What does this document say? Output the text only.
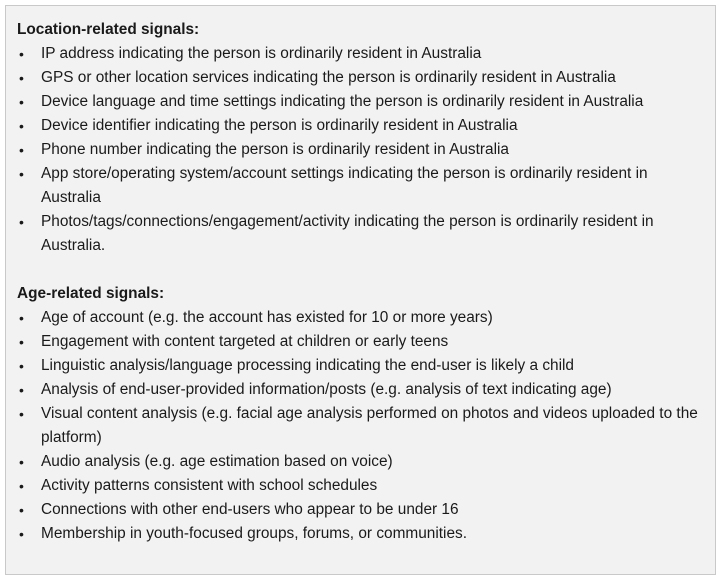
Location-related signals:

•	IP address indicating the person is ordinarily resident in Australia
•	GPS or other location services indicating the person is ordinarily resident in Australia
•	Device language and time settings indicating the person is ordinarily resident in Australia
•	Device identifier indicating the person is ordinarily resident in Australia
•	Phone number indicating the person is ordinarily resident in Australia
•	App store/operating system/account settings indicating the person is ordinarily resident in Australia
•	Photos/tags/connections/engagement/activity indicating the person is ordinarily resident in Australia.

Age-related signals:

•	Age of account (e.g. the account has existed for 10 or more years)
•	Engagement with content targeted at children or early teens
•	Linguistic analysis/language processing indicating the end-user is likely a child
•	Analysis of end-user-provided information/posts (e.g. analysis of text indicating age)
•	Visual content analysis (e.g. facial age analysis performed on photos and videos uploaded to the platform)
•	Audio analysis (e.g. age estimation based on voice)
•	Activity patterns consistent with school schedules
•	Connections with other end-users who appear to be under 16
•	Membership in youth-focused groups, forums, or communities.
